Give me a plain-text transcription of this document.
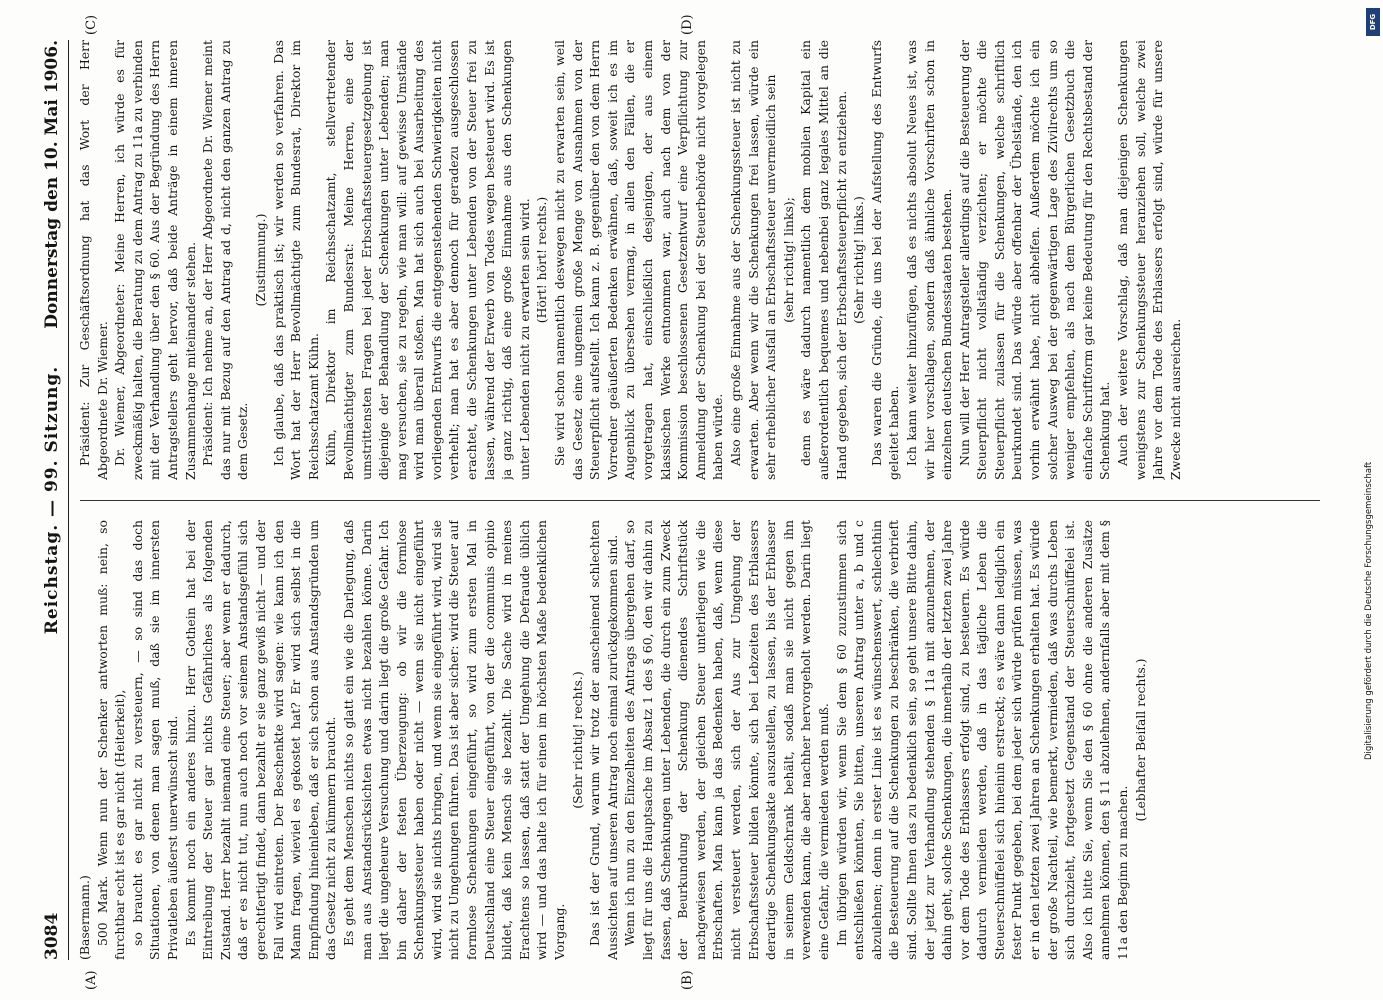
3084
Reichstag. — 99. Sitzung.
Donnerstag den 10. Mai 1906.

(Basermann.) 500 Mark. Wenn nun der Schenker antworten muß: nein, so furchtbar echt ist es gar nicht (Heiterkeit), so braucht es gar nicht zu versteuern, — so sind das doch Situationen, von denen man sagen muß, daß sie im innersten Privatleben äußerst unerwünscht sind. Es kommt noch ein anderes hinzu. Herr Gothein hat bei der Eintreibung der Steuer gar nichts Gefährliches als folgenden Zustand. Herr bezahlt niemand eine Steuer; aber wenn er dadurch, daß er es nicht tut, nun auch noch vor seinem Anstandsgefühl sich gerechtfertigt findet, dann bezahlt er sie ganz gewiß nicht — und der Fall wird eintreten. Der Beschenkte wird sagen: wie kann ich den Mann fragen, wieviel es gekostet hat? Er wird sich selbst in die Empfindung hineinleben, daß er sich schon aus Anstandsgründen um das Gesetz nicht zu kümmern braucht. Es geht dem Menschen nichts so glatt ein wie die Darlegung, daß man aus Anstandsrücksichten etwas nicht bezahlen könne. Darin liegt die ungeheure Versuchung und darin liegt die große Gefahr. Ich bin daher der festen Überzeugung: ob wir die formlose Schenkungssteuer haben oder nicht — wenn sie nicht eingeführt wird, wird sie nichts bringen, und wenn sie eingeführt wird, wird sie nicht zu Umgehungen führen. Das ist aber sicher: wird die Steuer auf formlose Schenkungen eingeführt, so wird zum ersten Mal in Deutschland eine Steuer eingeführt, von der die communis opinio bildet, daß kein Mensch sie bezahlt. Die Sache wird in meines Erachtens so lassen, daß statt der Umgehung die Defraude üblich wird — und das halte ich für einen im höchsten Maße bedenklichen Vorgang.

(Sehr richtig! rechts.) Das ist der Grund, warum wir trotz der anscheinend schlechten Aussichten auf unseren Antrag noch einmal zurückgekommen sind. Wenn ich nun zu den Einzelheiten des Antrags übergehen darf, so liegt für uns die Hauptsache im Absatz 1 des § 60, den wir dahin zu fassen, daß Schenkungen unter Lebenden, die durch ein zum Zweck der Beurkundung der Schenkung dienendes Schriftstück nachgewiesen werden, der gleichen Steuer unterliegen wie die Erbschaften. Man kann ja das Bedenken haben, daß, wenn diese nicht versteuert werden, sich der Aus zur Umgehung der Erbschaftssteuer bilden könnte, sich bei Lebzeiten des Erblassers derartige Schenkungsakte auszustellen, zu lassen, bis der Erblasser in seinem Geldschrank behält, sodaß man sie nicht gegen ihn verwenden kann, die aber nachher hervorgeholt werden. Darin liegt eine Gefahr, die vermieden werden muß. Im übrigen würden wir, wenn Sie dem § 60 zuzustimmen sich entschließen könnten, Sie bitten, unseren Antrag unter a, b und c abzulehnen; denn in erster Linie ist es wünschenswert, schlechthin die Besteuerung auf die Schenkungen zu beschränken, die verbrieft sind. Sollte Ihnen das zu bedenklich sein, so geht unsere Bitte dahin, der jetzt zur Verhandlung stehenden § 11a mit anzunehmen, der dahin geht, solche Schenkungen, die innerhalb der letzten zwei Jahre vor dem Tode des Erblassers erfolgt sind, zu besteuern. Es würde dadurch vermieden werden, daß in das tägliche Leben die Steuerschnüffelei sich hineinin erstreckt; es wäre dann lediglich ein fester Punkt gegeben, bei dem jeder sich würde prüfen müssen, was er in den letzten zwei Jahren an Schenkungen erhalten hat. Es würde der große Nachteil, wie bemerkt, vermieden, daß was durchs Leben sich durchzieht, fortgesetzt Gegenstand der Steuerschnüffelei ist. Also ich bitte Sie, wenn Sie den § 60 ohne die anderen Zusätze annehmen können, den § 11 abzulehnen, andernfalls aber mit dem § 11a den Beginn zu machen.

(Lebhafter Beifall rechts.)

Präsident: Zur Geschäftsordnung hat das Wort der Herr Abgeordnete Dr. Wiemer. Dr. Wiemer, Abgeordneter: Meine Herren, ich würde es für zweckmäßig halten, die Beratung zu dem Antrag zu 11a zu verbinden mit der Verhandlung über den § 60. Aus der Begründung des Herrn Antragstellers geht hervor, daß beide Anträge in einem inneren Zusammenhange miteinander stehen. Präsident: Ich nehme an, der Herr Abgeordnete Dr. Wiemer meint das nur mit Bezug auf den Antrag ad d, nicht den ganzen Antrag zu dem Gesetz.

(Zustimmung.) Ich glaube, daß das praktisch ist; wir werden so verfahren. Das Wort hat der Herr Bevollmächtigte zum Bundesrat, Direktor im Reichsschatzamt Kühn. Kühn, Direktor im Reichsschatzamt, stellvertretender Bevollmächtigter zum Bundesrat: Meine Herren, eine der umstrittensten Fragen bei jeder Erbschaftssteuergesetzgebung ist diejenige der Behandlung der Schenkungen unter Lebenden; man mag versuchen, sie zu regeln, wie man will: auf gewisse Umstände wird man überall stoßen. Man hat sich auch bei Ausarbeitung des vorliegenden Entwurfs die entgegenstehenden Schwierigkeiten nicht verhehlt; man hat es aber dennoch für geradezu ausgeschlossen erachtet, die Schenkungen unter Lebenden von der Steuer frei zu lassen, während der Erwerb von Todes wegen besteuert wird. Es ist ja ganz richtig, daß eine große Einnahme aus den Schenkungen unter Lebenden nicht zu erwarten sein wird. (Hört! hört! rechts.) Sie wird schon namentlich deswegen nicht zu erwarten sein, weil das Gesetz eine ungemein große Menge von Ausnahmen von der Steuerpflicht aufstellt. Ich kann z. B. gegenüber den von dem Herrn Vorredner geäußerten Bedenken erwähnen, daß, soweit ich es im Augenblick zu übersehen vermag, in allen den Fällen, die er vorgetragen hat, einschließlich desjenigen, der aus einem klassischen Werke entnommen war, auch nach dem von der Kommission beschlossenen Gesetzentwurf eine Verpflichtung zur Anmeldung der Schenkung bei der Steuerbehörde nicht vorgelegen haben würde. Also eine große Einnahme aus der Schenkungssteuer ist nicht zu erwarten. Aber wenn wir die Schenkungen frei lassen, würde ein sehr erheblicher Ausfall an Erbschaftssteuer unvermeidlich sein (sehr richtig! links); denn es wäre dadurch namentlich dem mobilen Kapital ein außerordentlich bequemes und nebenbei ganz legales Mittel an die Hand gegeben, sich der Erbschaftssteuerpflicht zu entziehen. (Sehr richtig! links.) Das waren die Gründe, die uns bei der Aufstellung des Entwurfs geleitet haben. Ich kann weiter hinzufügen, daß es nichts absolut Neues ist, was wir hier vorschlagen, sondern daß ähnliche Vorschriften schon in einzelnen deutschen Bundesstaaten bestehen. Nun will der Herr Antragsteller allerdings auf die Besteuerung der Steuerpflicht nicht vollständig verzichten; er möchte die Steuerpflicht zulassen für die Schenkungen, welche schriftlich beurkundet sind. Das würde aber offenbar der Übelstände, den ich vorhin erwähnt habe, nicht abhelfen. Außerdem möchte ich ein solcher Ausweg bei der gegenwärtigen Lage des Zivilrechts um so weniger empfehlen, als nach dem Bürgerlichen Gesetzbuch die einfache Schriftform gar keine Bedeutung für den Rechtsbestand der Schenkung hat. Auch der weitere Vorschlag, daß man diejenigen Schenkungen wenigstens zur Schenkungssteuer heranziehen soll, welche zwei Jahre vor dem Tode des Erblassers erfolgt sind, würde für unsere Zwecke nicht ausreichen.

(A)	(B)
(C)	(D)	DFG
Digitalisierung gefördert durch die Deutsche Forschungsgemeinschaft
